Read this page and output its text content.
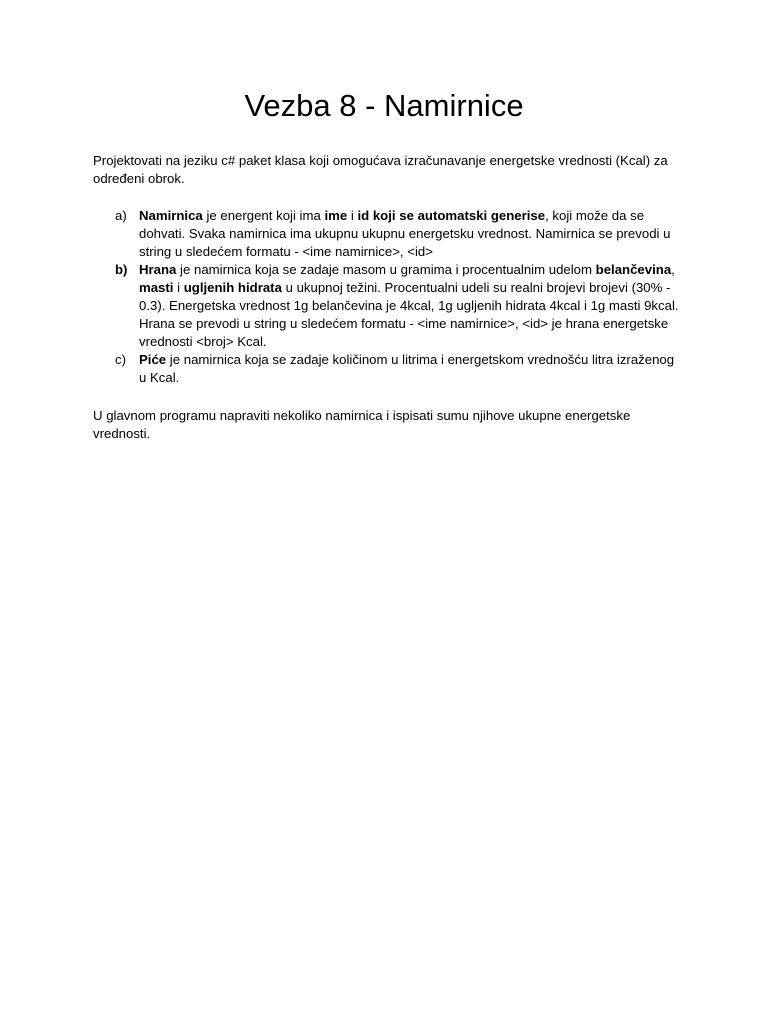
Vezba 8 - Namirnice

Projektovati na jeziku c# paket klasa koji omogućava izračunavanje energetske vrednosti (Kcal) za određeni obrok.

a) Namirnica je energent koji ima ime i id koji se automatski generise, koji može da se dohvati. Svaka namirnica ima ukupnu ukupnu energetsku vrednost. Namirnica se prevodi u string u sledećem formatu - <ime namirnice>, <id>
b) Hrana je namirnica koja se zadaje masom u gramima i procentualnim udelom belančevina, masti i ugljenih hidrata u ukupnoj težini. Procentualni udeli su realni brojevi brojevi (30% - 0.3). Energetska vrednost 1g belančevina je 4kcal, 1g ugljenih hidrata 4kcal i 1g masti 9kcal. Hrana se prevodi u string u sledećem formatu - <ime namirnice>, <id> je hrana energetske vrednosti <broj> Kcal.
c) Piće je namirnica koja se zadaje količinom u litrima i energetskom vrednošću litra izraženog u Kcal.

U glavnom programu napraviti nekoliko namirnica i ispisati sumu njihove ukupne energetske vrednosti.
